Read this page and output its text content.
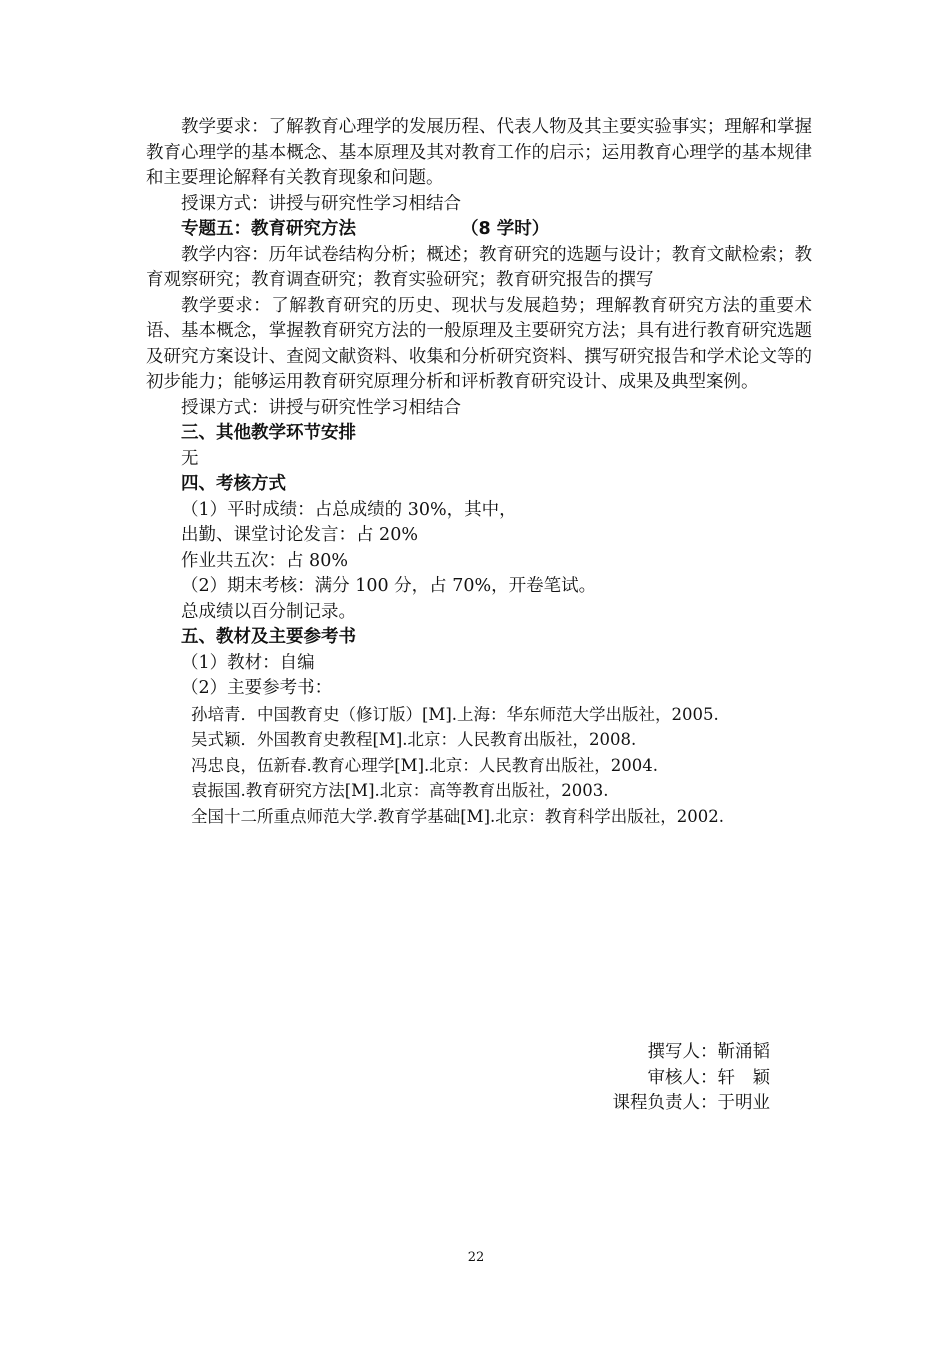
教学要求：了解教育心理学的发展历程、代表人物及其主要实验事实；理解和掌握教育心理学的基本概念、基本原理及其对教育工作的启示；运用教育心理学的基本规律和主要理论解释有关教育现象和问题。

授课方式：讲授与研究性学习相结合

专题五：教育研究方法	（8 学时）

教学内容：历年试卷结构分析；概述；教育研究的选题与设计；教育文献检索；教育观察研究；教育调查研究；教育实验研究；教育研究报告的撰写

教学要求：了解教育研究的历史、现状与发展趋势；理解教育研究方法的重要术语、基本概念，掌握教育研究方法的一般原理及主要研究方法；具有进行教育研究选题及研究方案设计、查阅文献资料、收集和分析研究资料、撰写研究报告和学术论文等的初步能力；能够运用教育研究原理分析和评析教育研究设计、成果及典型案例。

授课方式：讲授与研究性学习相结合

三、其他教学环节安排

无

四、考核方式

（1）平时成绩：占总成绩的 30%，其中，

出勤、课堂讨论发言：占 20%

作业共五次：占 80%

（2）期末考核：满分 100 分，占 70%，开卷笔试。

总成绩以百分制记录。

五、教材及主要参考书

（1）教材：自编

（2）主要参考书：

孙培青．中国教育史（修订版）[M].上海：华东师范大学出版社，2005.

吴式颖．外国教育史教程[M].北京：人民教育出版社，2008.

冯忠良，伍新春.教育心理学[M].北京：人民教育出版社，2004.

袁振国.教育研究方法[M].北京：高等教育出版社，2003.

全国十二所重点师范大学.教育学基础[M].北京：教育科学出版社，2002.

撰写人：靳涌韬
审核人：轩　颖
课程负责人：于明业
22
